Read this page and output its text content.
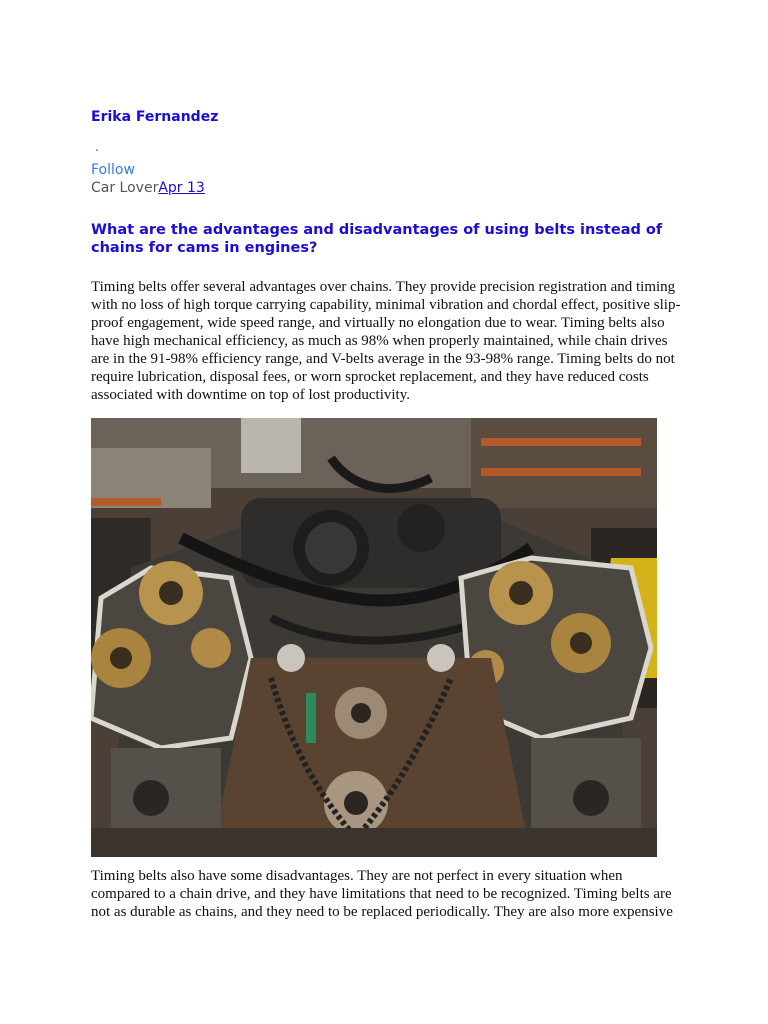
Erika Fernandez
.
Follow
Car LoverApr 13
What are the advantages and disadvantages of using belts instead of chains for cams in engines?

Timing belts offer several advantages over chains. They provide precision registration and timing with no loss of high torque carrying capability, minimal vibration and chordal effect, positive slip-proof engagement, wide speed range, and virtually no elongation due to wear. Timing belts also have high mechanical efficiency, as much as 98% when properly maintained, while chain drives are in the 91-98% efficiency range, and V-belts average in the 93-98% range. Timing belts do not require lubrication, disposal fees, or worn sprocket replacement, and they have reduced costs associated with downtime on top of lost productivity.

Timing belts also have some disadvantages. They are not perfect in every situation when compared to a chain drive, and they have limitations that need to be recognized. Timing belts are not as durable as chains, and they need to be replaced periodically. They are also more expensive
